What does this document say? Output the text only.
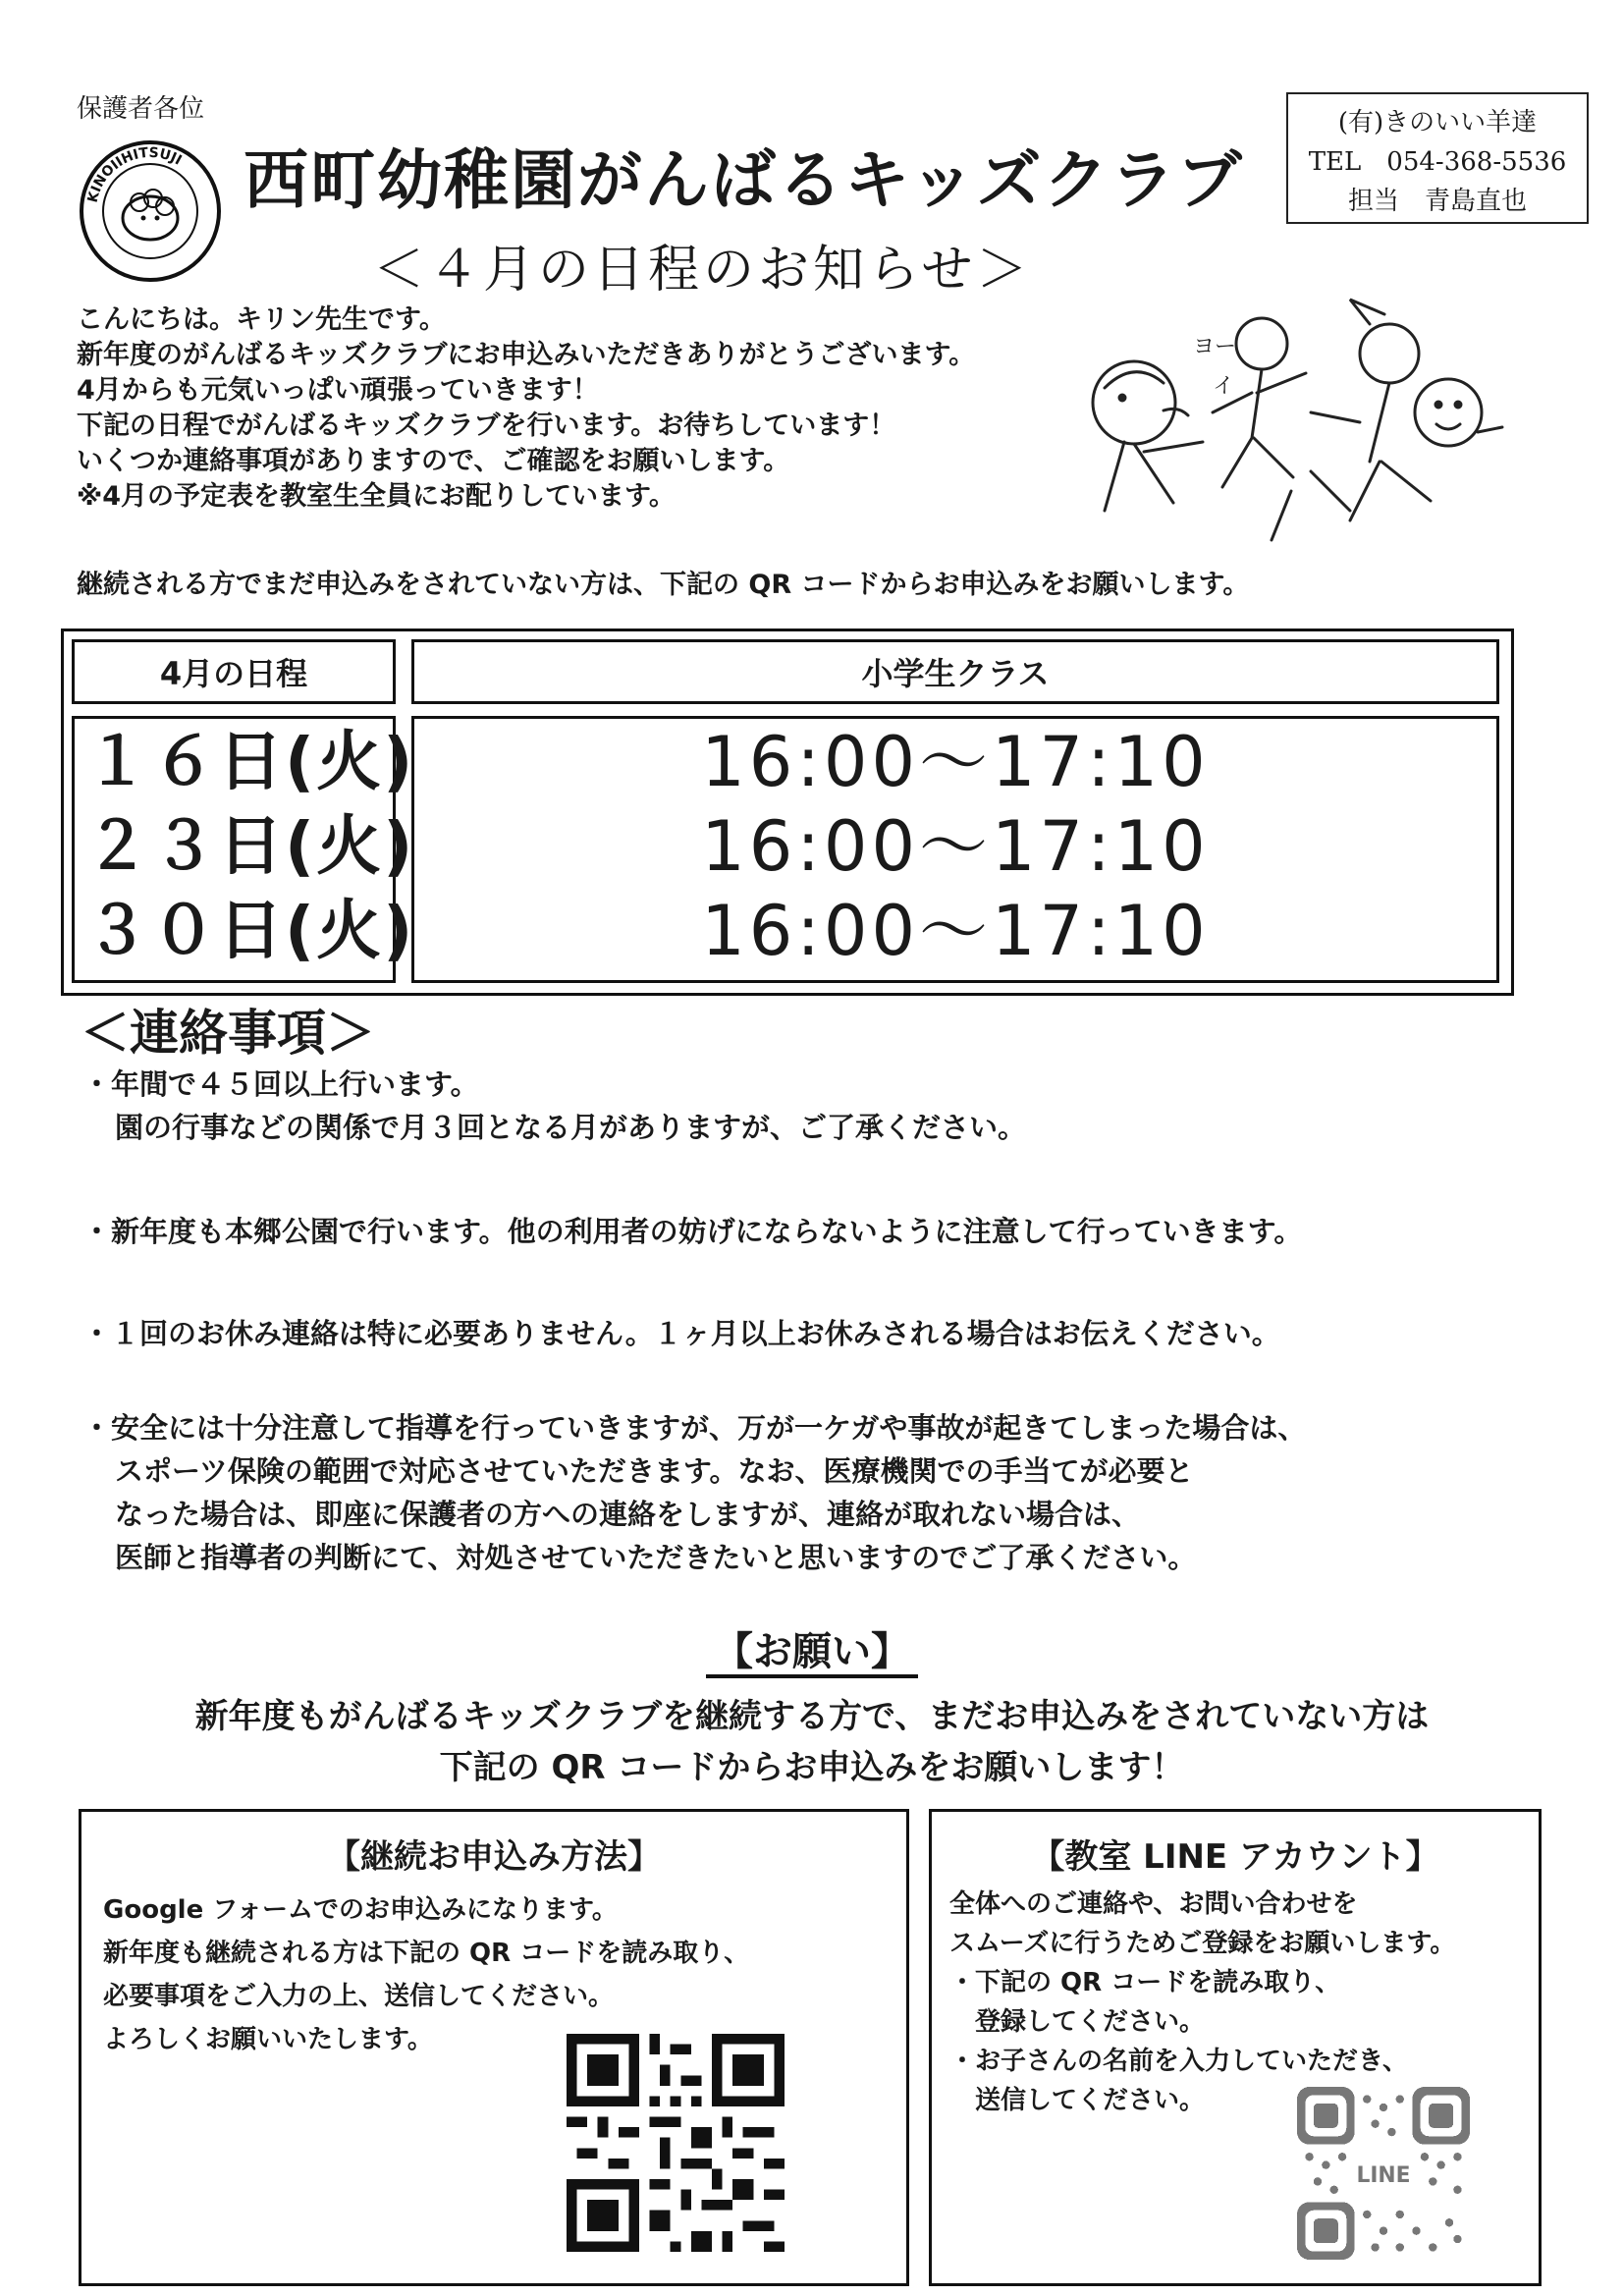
保護者各位
KINOIIHITSUJI 西町幼稚園がんばるキッズクラブ
(有)きのいい羊達
TEL　054-368-5536
担当　青島直也
＜４月の日程のお知らせ＞
こんにちは。キリン先生です。
新年度のがんばるキッズクラブにお申込みいただきありがとうございます。
4月からも元気いっぱい頑張っていきます！
下記の日程でがんばるキッズクラブを行います。お待ちしています！
いくつか連絡事項がありますので、ご確認をお願いします。
※4月の予定表を教室生全員にお配りしています。
継続される方でまだ申込みをされていない方は、下記の QR コードからお申込みをお願いします。
ヨー
イ
4月の日程	小学生クラス
１６日(火)
２３日(火)
３０日(火)
16:00～17:10
16:00～17:10
16:00～17:10
＜連絡事項＞
・年間で４５回以上行います。
園の行事などの関係で月３回となる月がありますが、ご了承ください。
・新年度も本郷公園で行います。他の利用者の妨げにならないように注意して行っていきます。
・１回のお休み連絡は特に必要ありません。１ヶ月以上お休みされる場合はお伝えください。
・安全には十分注意して指導を行っていきますが、万が一ケガや事故が起きてしまった場合は、
スポーツ保険の範囲で対応させていただきます。なお、医療機関での手当てが必要と
なった場合は、即座に保護者の方への連絡をしますが、連絡が取れない場合は、
医師と指導者の判断にて、対処させていただきたいと思いますのでご了承ください。
【お願い】
新年度もがんばるキッズクラブを継続する方で、まだお申込みをされていない方は
下記の QR コードからお申込みをお願いします！
【継続お申込み方法】
Google フォームでのお申込みになります。
新年度も継続される方は下記の QR コードを読み取り、
必要事項をご入力の上、送信してください。
よろしくお願いいたします。
【教室 LINE アカウント】
全体へのご連絡や、お問い合わせを
スムーズに行うためご登録をお願いします。
・下記の QR コードを読み取り、
　登録してください。
・お子さんの名前を入力していただき、
　送信してください。
LINE
